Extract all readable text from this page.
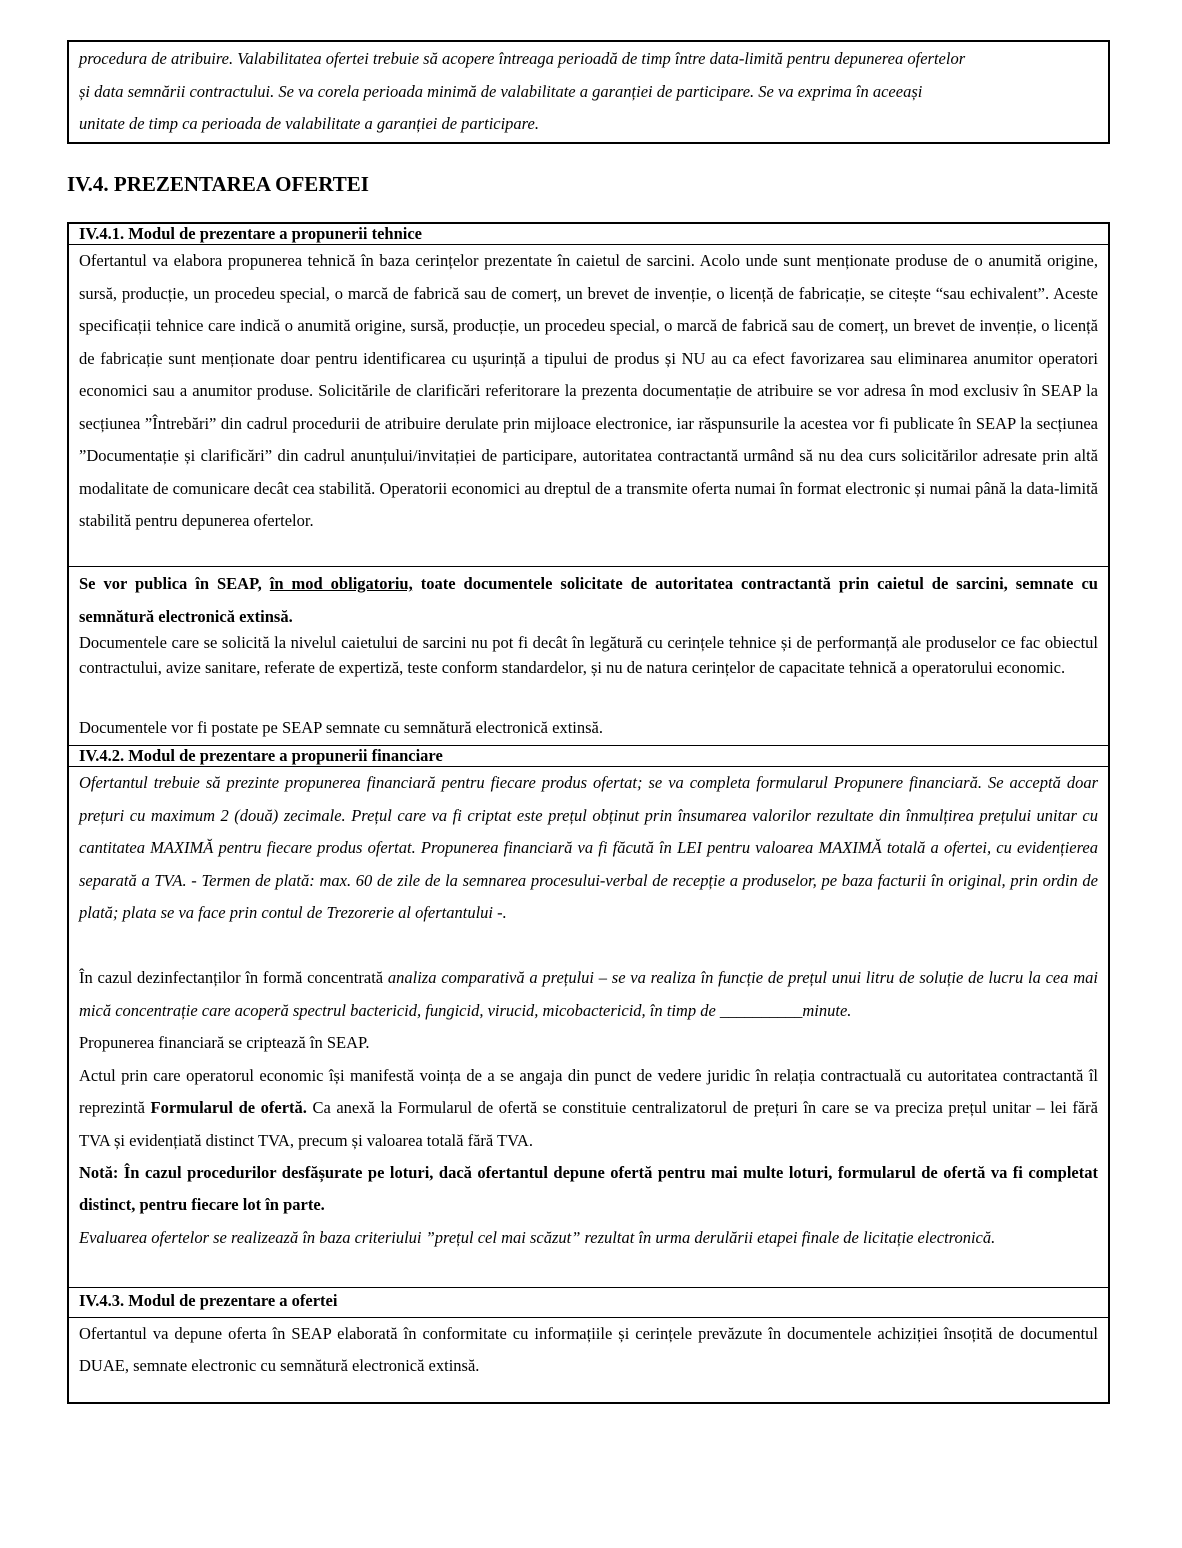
procedura de atribuire. Valabilitatea ofertei trebuie să acopere întreaga perioadă de timp între data-limită pentru depunerea ofertelor

și data semnării contractului. Se va corela perioada minimă de valabilitate a garanției de participare. Se va exprima în aceeași

unitate de timp ca perioada de valabilitate a garanției de participare.

IV.4. PREZENTAREA OFERTEI
IV.4.1. Modul de prezentare a propunerii tehnice

Ofertantul va elabora propunerea tehnică în baza cerințelor prezentate în caietul de sarcini. Acolo unde sunt menționate produse de o anumită origine, sursă, producție, un procedeu special, o marcă de fabrică sau de comerț, un brevet de invenție, o licență de fabricație, se citește “sau echivalent”. Aceste specificații tehnice care indică o anumită origine, sursă, producție, un procedeu special, o marcă de fabrică sau de comerț, un brevet de invenție, o licență de fabricație sunt menționate doar pentru identificarea cu ușurință a tipului de produs și NU au ca efect favorizarea sau eliminarea anumitor operatori economici sau a anumitor produse. Solicitările de clarificări referitorare la prezenta documentație de atribuire se vor adresa în mod exclusiv în SEAP la secțiunea ”Întrebări” din cadrul procedurii de atribuire derulate prin mijloace electronice, iar răspunsurile la acestea vor fi publicate în SEAP la secțiunea ”Documentație și clarificări” din cadrul anunțului/invitației de participare, autoritatea contractantă urmând să nu dea curs solicitărilor adresate prin altă modalitate de comunicare decât cea stabilită. Operatorii economici au dreptul de a transmite oferta numai în format electronic și numai până la data-limită stabilită pentru depunerea ofertelor.

Se vor publica în SEAP, în mod obligatoriu, toate documentele solicitate de autoritatea contractantă prin caietul de sarcini, semnate cu semnătură electronică extinsă.

Documentele care se solicită la nivelul caietului de sarcini nu pot fi decât în legătură cu cerințele tehnice și de performanță ale produselor ce fac obiectul contractului, avize sanitare, referate de expertiză, teste conform standardelor, și nu de natura cerințelor de capacitate tehnică a operatorului economic.

Documentele vor fi postate pe SEAP semnate cu semnătură electronică extinsă.

IV.4.2. Modul de prezentare a propunerii financiare

Ofertantul trebuie să prezinte propunerea financiară pentru fiecare produs ofertat; se va completa formularul Propunere financiară. Se acceptă doar prețuri cu maximum 2 (două) zecimale. Prețul care va fi criptat este prețul obținut prin însumarea valorilor rezultate din înmulțirea prețului unitar cu cantitatea MAXIMĂ pentru fiecare produs ofertat. Propunerea financiară va fi făcută în LEI pentru valoarea MAXIMĂ totală a ofertei, cu evidențierea separată a TVA. - Termen de plată: max. 60 de zile de la semnarea procesului-verbal de recepție a produselor, pe baza facturii în original, prin ordin de plată; plata se va face prin contul de Trezorerie al ofertantului -.

În cazul dezinfectanților în formă concentrată analiza comparativă a prețului – se va realiza în funcție de prețul unui litru de soluție de lucru la cea mai mică concentrație care acoperă spectrul bactericid, fungicid, virucid, micobactericid, în timp de __________minute.

Propunerea financiară se criptează în SEAP.

Actul prin care operatorul economic își manifestă voința de a se angaja din punct de vedere juridic în relația contractuală cu autoritatea contractantă îl reprezintă Formularul de ofertă. Ca anexă la Formularul de ofertă se constituie centralizatorul de prețuri în care se va preciza prețul unitar – lei fără TVA și evidențiată distinct TVA, precum și valoarea totală fără TVA.

Notă: În cazul procedurilor desfășurate pe loturi, dacă ofertantul depune ofertă pentru mai multe loturi, formularul de ofertă va fi completat distinct, pentru fiecare lot în parte.

Evaluarea ofertelor se realizează în baza criteriului ”prețul cel mai scăzut” rezultat în urma derulării etapei finale de licitație electronică.

IV.4.3. Modul de prezentare a ofertei

Ofertantul va depune oferta în SEAP elaborată în conformitate cu informațiile și cerințele prevăzute în documentele achiziției însoțită de documentul DUAE, semnate electronic cu semnătură electronică extinsă.
